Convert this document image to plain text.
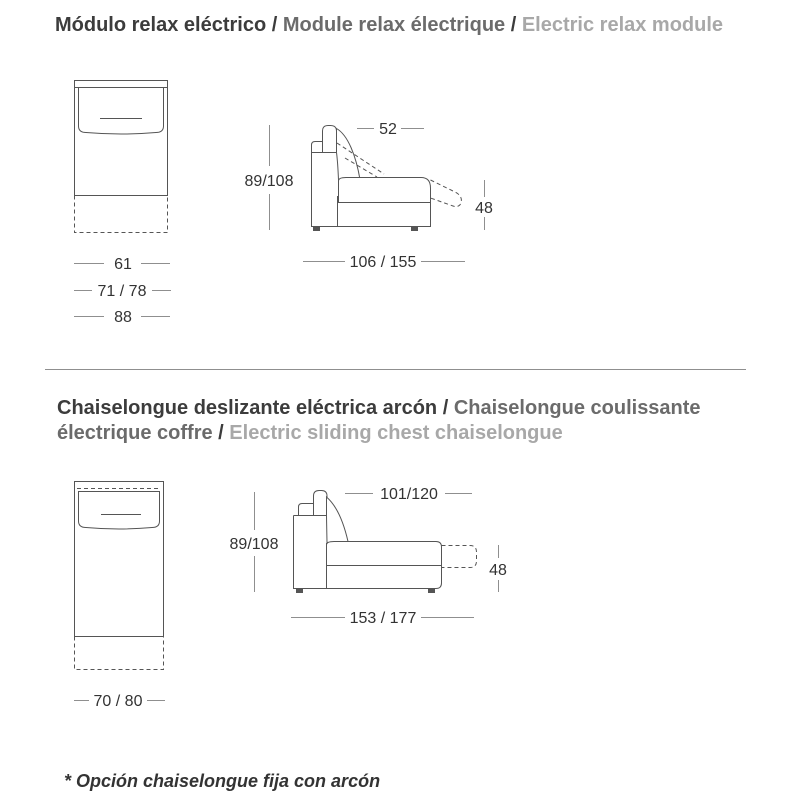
61
71 / 78
88
89/108
52
48
106 / 155
70 / 80
89/108
101/120
48
153 / 177
Módulo relax eléctrico / Module relax électrique / Electric relax module
Chaiselongue deslizante eléctrica arcón / Chaiselongue coulissante électrique coffre / Electric sliding chest chaiselongue
* Opción chaiselongue fija con arcón
